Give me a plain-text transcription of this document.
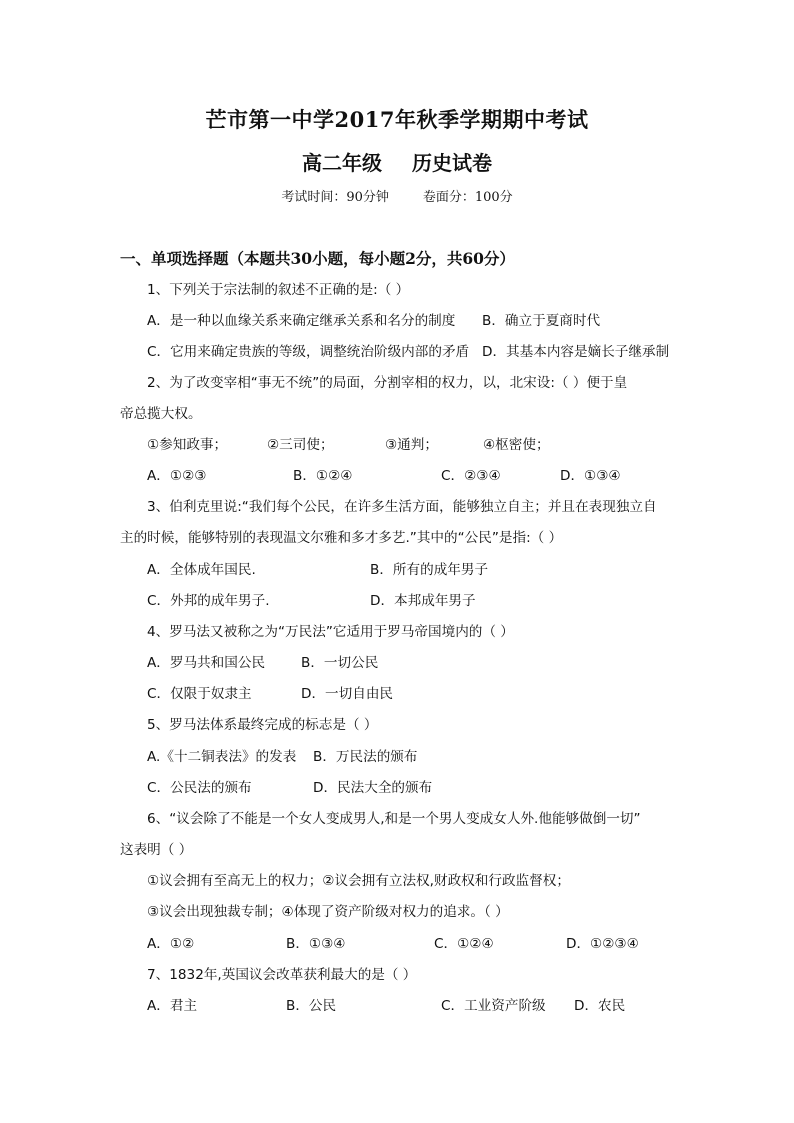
芒市第一中学2017年秋季学期期中考试
高二年级 历史试卷
考试时间：90分钟	卷面分：100分
一、单项选择题（本题共30小题，每小题2分，共60分）
1、下列关于宗法制的叙述不正确的是:（ ）
A．是一种以血缘关系来确定继承关系和名分的制度 B．确立于夏商时代
C．它用来确定贵族的等级，调整统治阶级内部的矛盾 D．其基本内容是嫡长子继承制
2、为了改变宰相“事无不统”的局面，分割宰相的权力，以，北宋设:（ ）便于皇
帝总揽大权。
①参知政事；	②三司使；	③通判；	④枢密使；
A．①②③	B．①②④	C．②③④	D．①③④
3、伯利克里说:“我们每个公民，在许多生活方面，能够独立自主；并且在表现独立自
主的时候，能够特别的表现温文尔雅和多才多艺.”其中的“公民”是指:（ ）
A．全体成年国民.	B．所有的成年男子
C．外邦的成年男子.	D．本邦成年男子
4、罗马法又被称之为“万民法”它适用于罗马帝国境内的（ ）
A．罗马共和国公民	B．一切公民
C．仅限于奴隶主	D．一切自由民
5、罗马法体系最终完成的标志是（ ）
A.《十二铜表法》的发表 B．万民法的颁布
C．公民法的颁布	D．民法大全的颁布
6、“议会除了不能是一个女人变成男人,和是一个男人变成女人外.他能够做倒一切”
这表明（ ）
①议会拥有至高无上的权力；②议会拥有立法权,财政权和行政监督权；
③议会出现独裁专制；④体现了资产阶级对权力的追求。（ ）
A．①②	B．①③④	C．①②④	D．①②③④
7、1832年,英国议会改革获利最大的是（ ）
A．君主	B．公民	C．工业资产阶级 D．农民
